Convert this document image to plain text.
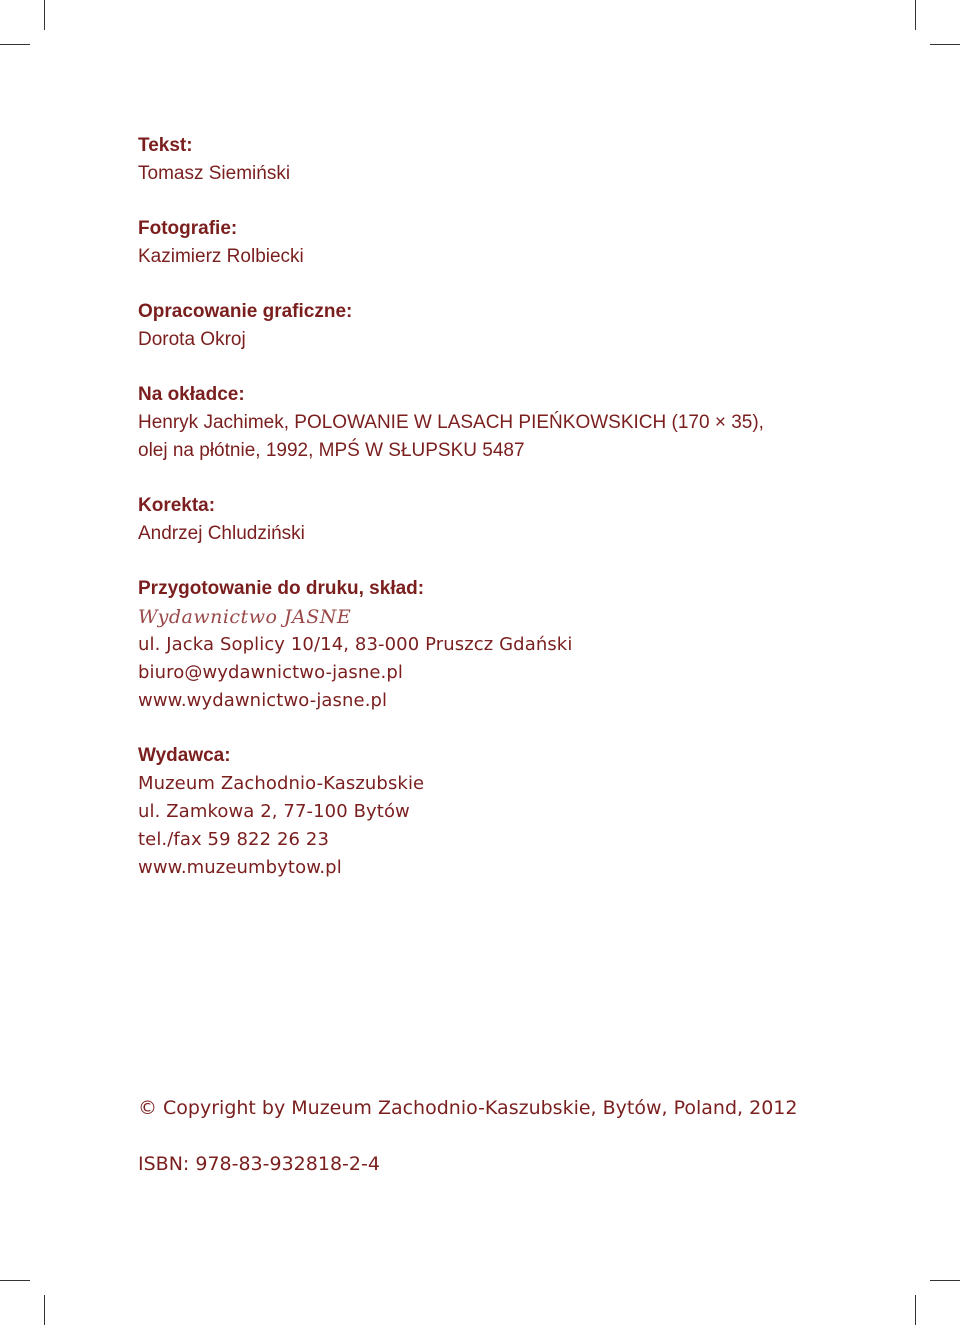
Tekst:
Tomasz Siemiński
Fotografie:
Kazimierz Rolbiecki
Opracowanie graficzne:
Dorota Okroj
Na okładce:
Henryk Jachimek, POLOWANIE W LASACH PIEŃKOWSKICH (170 × 35),
olej na płótnie, 1992, MPŚ W SŁUPSKU 5487
Korekta:
Andrzej Chludziński
Przygotowanie do druku, skład:
Wydawnictwo JASNE
ul. Jacka Soplicy 10/14, 83-000 Pruszcz Gdański
biuro@wydawnictwo-jasne.pl
www.wydawnictwo-jasne.pl
Wydawca:
Muzeum Zachodnio-Kaszubskie
ul. Zamkowa 2, 77-100 Bytów
tel./fax 59 822 26 23
www.muzeumbytow.pl
© Copyright by Muzeum Zachodnio-Kaszubskie, Bytów, Poland, 2012
ISBN: 978-83-932818-2-4
